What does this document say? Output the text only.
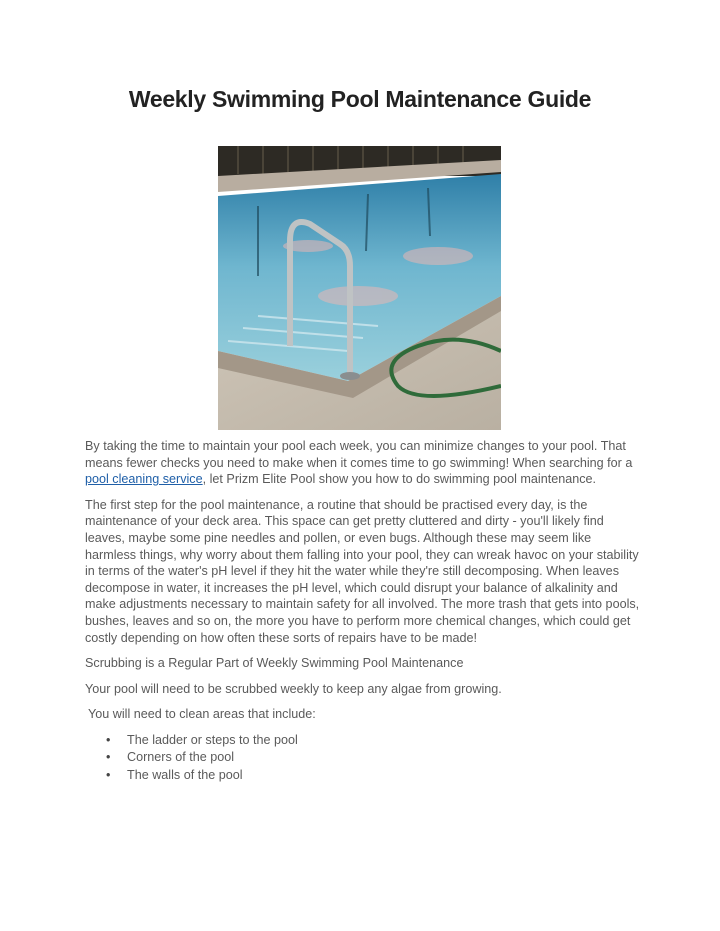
Weekly Swimming Pool Maintenance Guide

By taking the time to maintain your pool each week, you can minimize changes to your pool. That means fewer checks you need to make when it comes time to go swimming! When searching for a pool cleaning service, let Prizm Elite Pool show you how to do swimming pool maintenance.

The first step for the pool maintenance, a routine that should be practised every day, is the maintenance of your deck area. This space can get pretty cluttered and dirty - you'll likely find leaves, maybe some pine needles and pollen, or even bugs. Although these may seem like harmless things, why worry about them falling into your pool, they can wreak havoc on your stability in terms of the water's pH level if they hit the water while they're still decomposing. When leaves decompose in water, it increases the pH level, which could disrupt your balance of alkalinity and make adjustments necessary to maintain safety for all involved. The more trash that gets into pools, bushes, leaves and so on, the more you have to perform more chemical changes, which could get costly depending on how often these sorts of repairs have to be made!

Scrubbing is a Regular Part of Weekly Swimming Pool Maintenance

Your pool will need to be scrubbed weekly to keep any algae from growing.

You will need to clean areas that include:

• The ladder or steps to the pool
• Corners of the pool
• The walls of the pool
